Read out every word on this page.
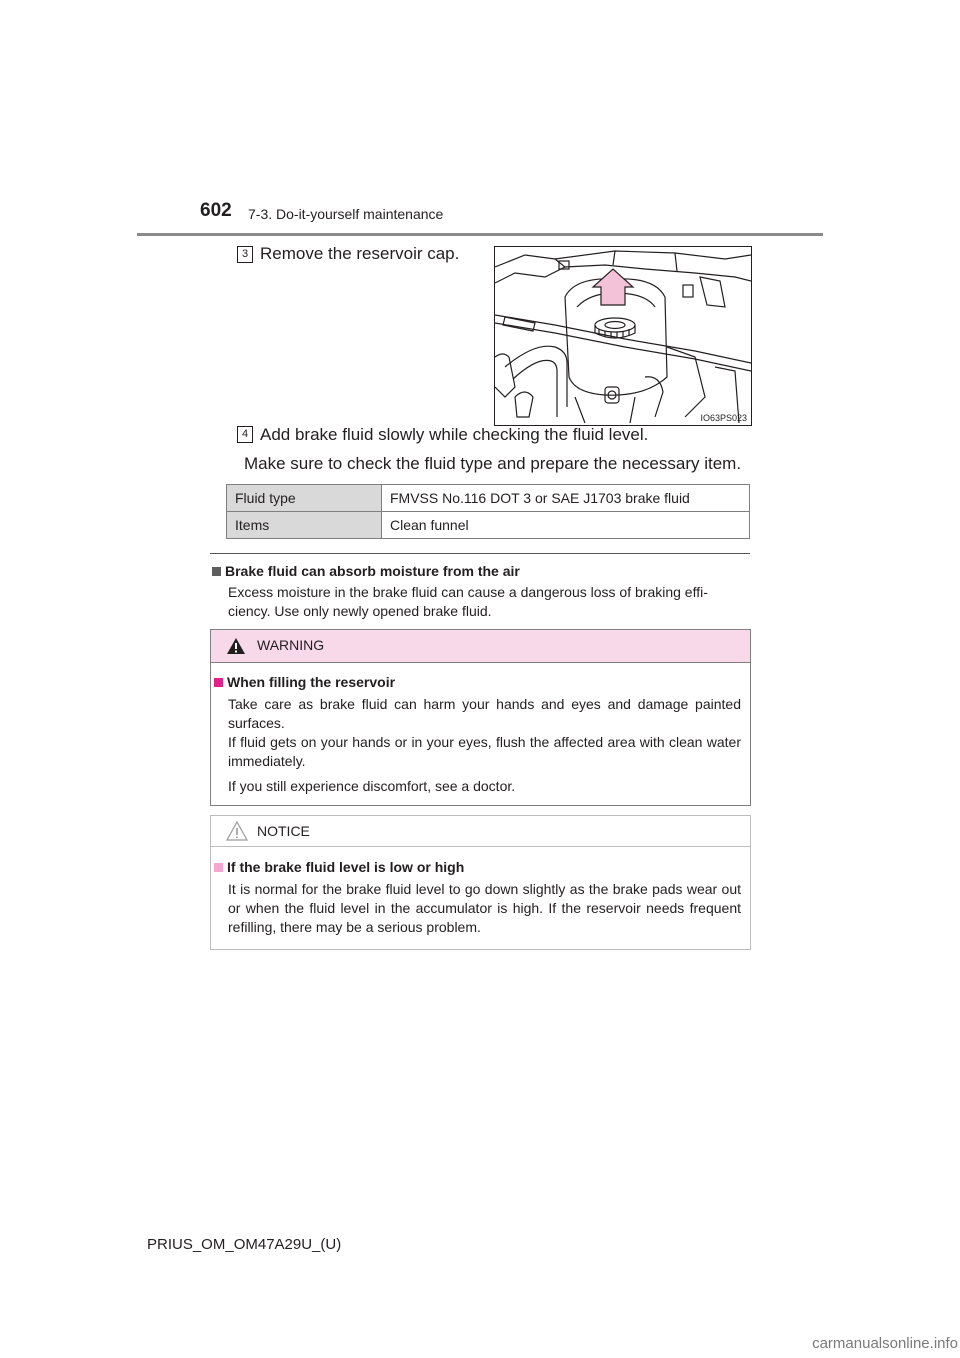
602 7-3. Do-it-yourself maintenance
3 Remove the reservoir cap.
IO63PS023
4 Add brake fluid slowly while checking the fluid level.
Make sure to check the fluid type and prepare the necessary item.
Fluid type	FMVSS No.116 DOT 3 or SAE J1703 brake fluid
Items	Clean funnel
Brake fluid can absorb moisture from the air
Excess moisture in the brake fluid can cause a dangerous loss of braking effi- ciency. Use only newly opened brake fluid.
WARNING
When filling the reservoir

Take care as brake fluid can harm your hands and eyes and damage painted surfaces.
If fluid gets on your hands or in your eyes, flush the affected area with clean water immediately.

If you still experience discomfort, see a doctor.

NOTICE
If the brake fluid level is low or high
It is normal for the brake fluid level to go down slightly as the brake pads wear out or when the fluid level in the accumulator is high. If the reservoir needs frequent refilling, there may be a serious problem.
PRIUS_OM_OM47A29U_(U)
carmanualsonline.info
